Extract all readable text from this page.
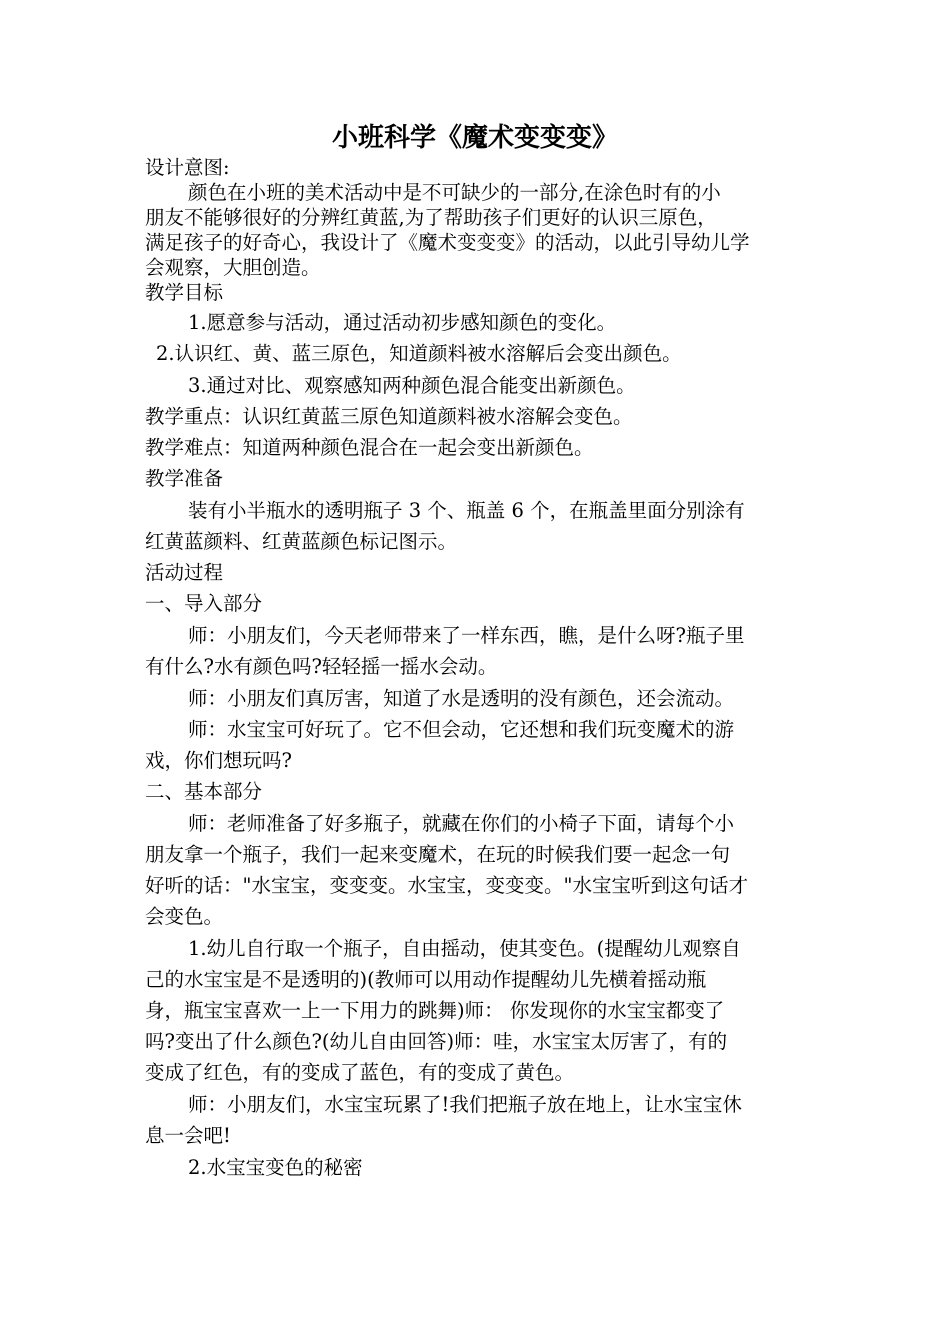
小班科学《魔术变变变》
设计意图:
颜色在小班的美术活动中是不可缺少的一部分,在涂色时有的小
朋友不能够很好的分辨红黄蓝,为了帮助孩子们更好的认识三原色，
满足孩子的好奇心，我设计了《魔术变变变》的活动，以此引导幼儿学
会观察，大胆创造。
教学目标
1.愿意参与活动，通过活动初步感知颜色的变化。
2.认识红、黄、蓝三原色，知道颜料被水溶解后会变出颜色。
3.通过对比、观察感知两种颜色混合能变出新颜色。
教学重点：认识红黄蓝三原色知道颜料被水溶解会变色。
教学难点：知道两种颜色混合在一起会变出新颜色。
教学准备
装有小半瓶水的透明瓶子 3 个、瓶盖 6 个，在瓶盖里面分别涂有
红黄蓝颜料、红黄蓝颜色标记图示。
活动过程
一、导入部分
师：小朋友们，今天老师带来了一样东西，瞧，是什么呀?瓶子里
有什么?水有颜色吗?轻轻摇一摇水会动。
师：小朋友们真厉害，知道了水是透明的没有颜色，还会流动。
师：水宝宝可好玩了。它不但会动，它还想和我们玩变魔术的游
戏，你们想玩吗?
二、基本部分
师：老师准备了好多瓶子，就藏在你们的小椅子下面，请每个小
朋友拿一个瓶子，我们一起来变魔术，在玩的时候我们要一起念一句
好听的话："水宝宝，变变变。水宝宝，变变变。"水宝宝听到这句话才
会变色。
1.幼儿自行取一个瓶子，自由摇动，使其变色。(提醒幼儿观察自
己的水宝宝是不是透明的)(教师可以用动作提醒幼儿先横着摇动瓶
身，瓶宝宝喜欢一上一下用力的跳舞)师： 你发现你的水宝宝都变了
吗?变出了什么颜色?(幼儿自由回答)师：哇，水宝宝太厉害了，有的
变成了红色，有的变成了蓝色，有的变成了黄色。
师：小朋友们，水宝宝玩累了!我们把瓶子放在地上，让水宝宝休
息一会吧!
2.水宝宝变色的秘密
